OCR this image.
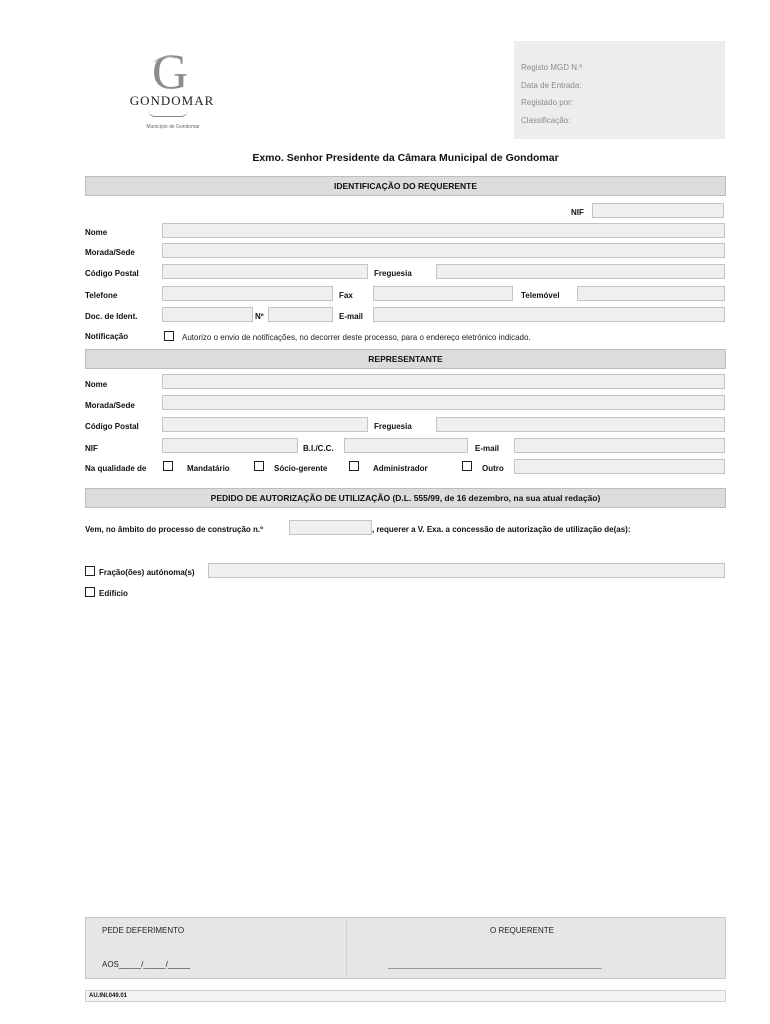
G
GONDOMAR
Município de Gondomar
Registo MGD N.º
Data de Entrada:
Registado por:
Classificação:
Exmo. Senhor Presidente da Câmara Municipal de Gondomar
IDENTIFICAÇÃO DO REQUERENTE
NIF
Nome
Morada/Sede
Código Postal	Freguesia
Telefone	Fax	Telemóvel
Doc. de Ident.	Nº	E-mail
Notificação	Autorizo o envio de notificações, no decorrer deste processo, para o endereço eletrónico indicado.
REPRESENTANTE
Nome
Morada/Sede
Código Postal	Freguesia
NIF	B.I./C.C.	E-mail
Na qualidade de	Mandatário	Sócio-gerente	Administrador	Outro
PEDIDO DE AUTORIZAÇÃO DE UTILIZAÇÃO (D.L. 555/99, de 16 dezembro, na sua atual redação)
Vem, no âmbito do processo de construção n.º	, requerer a V. Exa. a concessão de autorização de utilização de(as):
Fração(ões) autónoma(s)
Edifício
PEDE DEFERIMENTO
AOS_____/_____/_____
O REQUERENTE
________________________________________________
AU.INI.049.01
